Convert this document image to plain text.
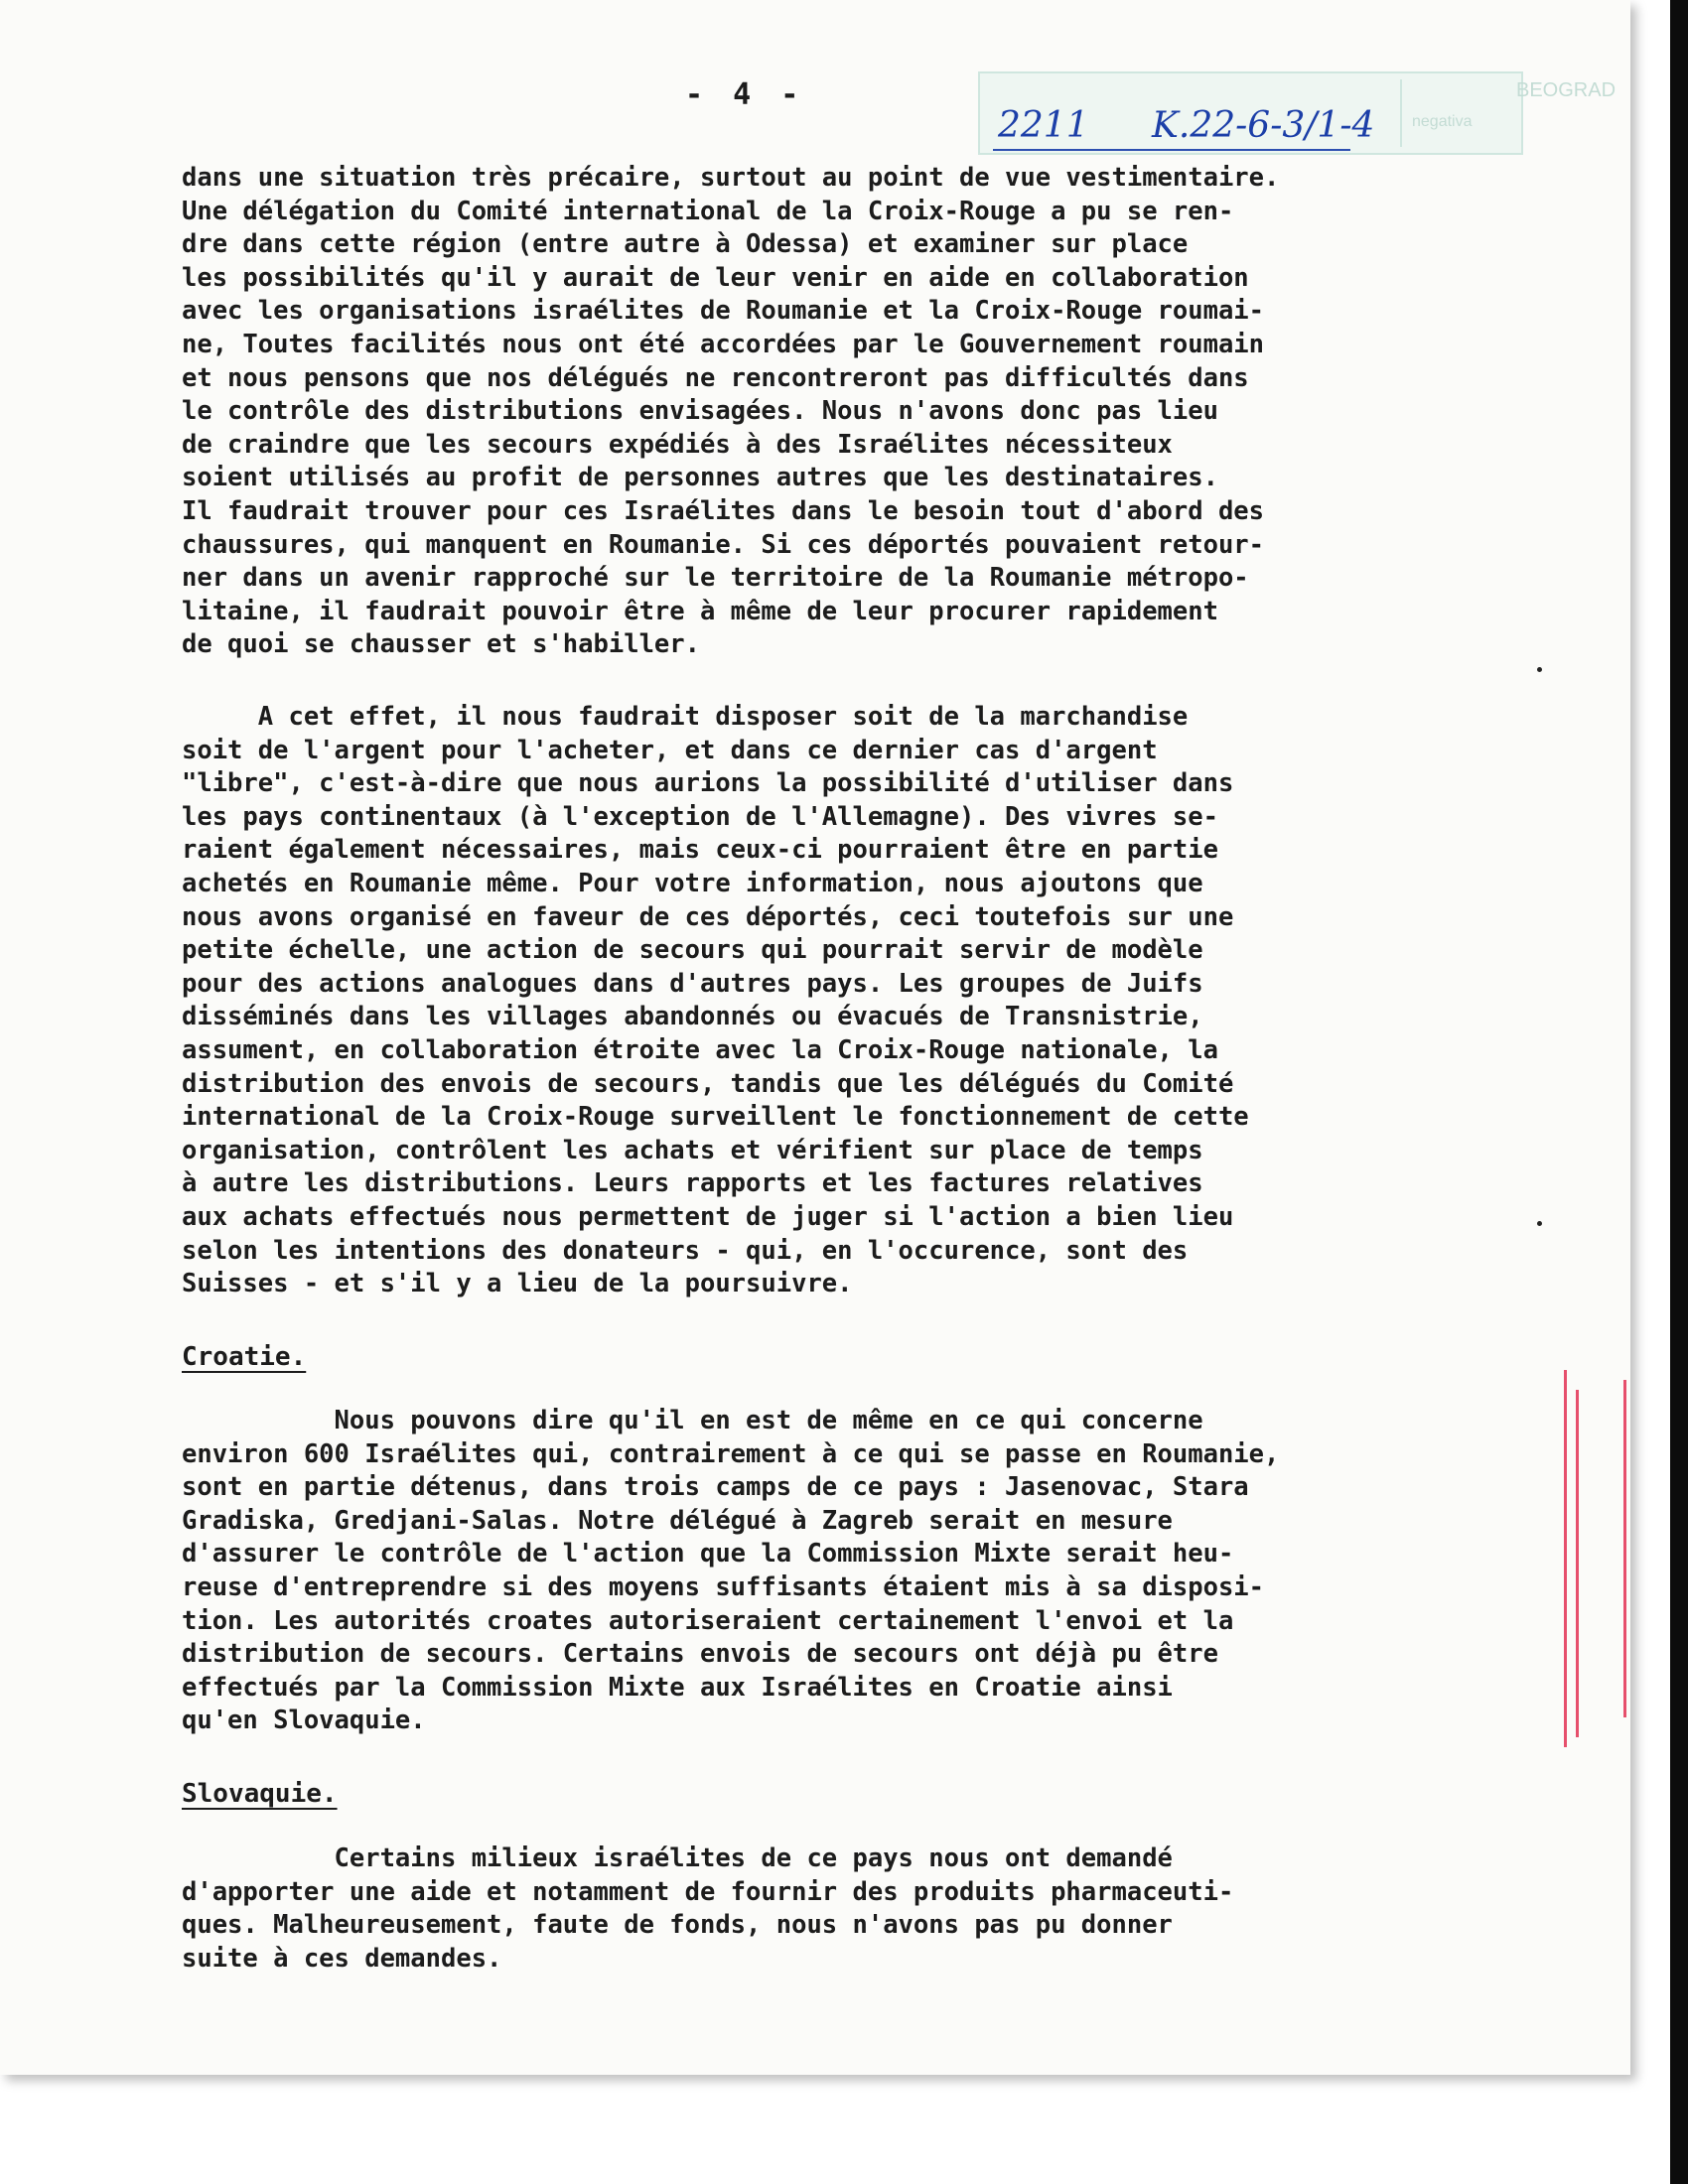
BEOGRAD
negativa
- 4 -
2211 K.22-6-3/1-4
dans une situation très précaire, surtout au point de vue vestimentaire.
Une délégation du Comité international de la Croix-Rouge a pu se ren-
dre dans cette région (entre autre à Odessa) et examiner sur place
les possibilités qu'il y aurait de leur venir en aide en collaboration
avec les organisations israélites de Roumanie et la Croix-Rouge roumai-
ne, Toutes facilités nous ont été accordées par le Gouvernement roumain
et nous pensons que nos délégués ne rencontreront pas difficultés dans
le contrôle des distributions envisagées. Nous n'avons donc pas lieu
de craindre que les secours expédiés à des Israélites nécessiteux
soient utilisés au profit de personnes autres que les destinataires.
Il faudrait trouver pour ces Israélites dans le besoin tout d'abord des
chaussures, qui manquent en Roumanie. Si ces déportés pouvaient retour-
ner dans un avenir rapproché sur le territoire de la Roumanie métropo-
litaine, il faudrait pouvoir être à même de leur procurer rapidement
de quoi se chausser et s'habiller.
A cet effet, il nous faudrait disposer soit de la marchandise
soit de l'argent pour l'acheter, et dans ce dernier cas d'argent
"libre", c'est-à-dire que nous aurions la possibilité d'utiliser dans
les pays continentaux (à l'exception de l'Allemagne). Des vivres se-
raient également nécessaires, mais ceux-ci pourraient être en partie
achetés en Roumanie même. Pour votre information, nous ajoutons que
nous avons organisé en faveur de ces déportés, ceci toutefois sur une
petite échelle, une action de secours qui pourrait servir de modèle
pour des actions analogues dans d'autres pays. Les groupes de Juifs
disséminés dans les villages abandonnés ou évacués de Transnistrie,
assument, en collaboration étroite avec la Croix-Rouge nationale, la
distribution des envois de secours, tandis que les délégués du Comité
international de la Croix-Rouge surveillent le fonctionnement de cette
organisation, contrôlent les achats et vérifient sur place de temps
à autre les distributions. Leurs rapports et les factures relatives
aux achats effectués nous permettent de juger si l'action a bien lieu
selon les intentions des donateurs - qui, en l'occurence, sont des
Suisses - et s'il y a lieu de la poursuivre.
Croatie.
Nous pouvons dire qu'il en est de même en ce qui concerne
environ 600 Israélites qui, contrairement à ce qui se passe en Roumanie,
sont en partie détenus, dans trois camps de ce pays : Jasenovac, Stara
Gradiska, Gredjani-Salas. Notre délégué à Zagreb serait en mesure
d'assurer le contrôle de l'action que la Commission Mixte serait heu-
reuse d'entreprendre si des moyens suffisants étaient mis à sa disposi-
tion. Les autorités croates autoriseraient certainement l'envoi et la
distribution de secours. Certains envois de secours ont déjà pu être
effectués par la Commission Mixte aux Israélites en Croatie ainsi
qu'en Slovaquie.
Slovaquie.
Certains milieux israélites de ce pays nous ont demandé
d'apporter une aide et notamment de fournir des produits pharmaceuti-
ques. Malheureusement, faute de fonds, nous n'avons pas pu donner
suite à ces demandes.
